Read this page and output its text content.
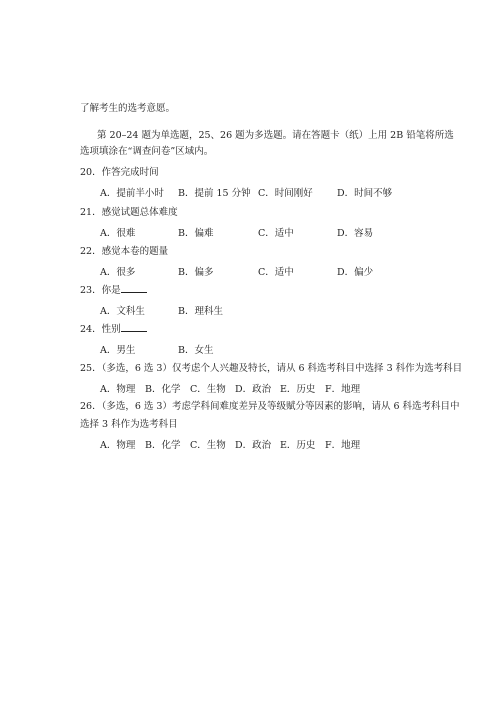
了解考生的选考意愿。
第 20–24 题为单选题，25、26 题为多选题。请在答题卡（纸）上用 2B 铅笔将所选
选项填涂在“调查问卷”区域内。
20．作答完成时间
A．提前半小时 B．提前 15 分钟 C．时间刚好	D．时间不够
21．感觉试题总体难度
A．很难	B．偏难	C．适中	D．容易
22．感觉本卷的题量
A．很多	B．偏多	C．适中	D．偏少
23．你是
A．文科生	B．理科生
24．性别
A．男生	B．女生
25．（多选，6 选 3）仅考虑个人兴趣及特长，请从 6 科选考科目中选择 3 科作为选考科目
A．物理 B．化学 C．生物 D．政治 E．历史 F．地理
26．（多选，6 选 3）考虑学科间难度差异及等级赋分等因素的影响，请从 6 科选考科目中
选择 3 科作为选考科目
A．物理 B．化学 C．生物 D．政治 E．历史 F．地理
